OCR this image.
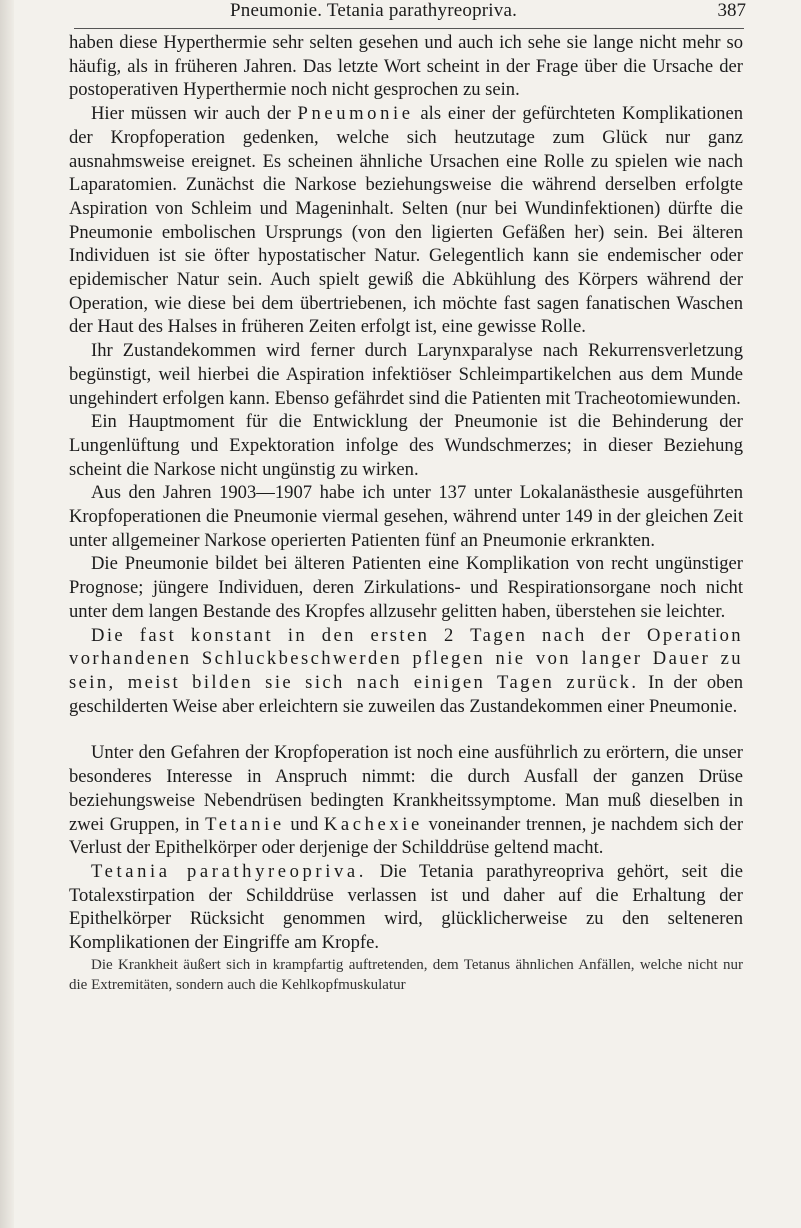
Pneumonie. Tetania parathyreopriva.	387

haben diese Hyperthermie sehr selten gesehen und auch ich sehe sie lange nicht mehr so häufig, als in früheren Jahren. Das letzte Wort scheint in der Frage über die Ursache der postoperativen Hyperthermie noch nicht gesprochen zu sein.

Hier müssen wir auch der Pneumonie als einer der gefürchteten Komplikationen der Kropfoperation gedenken, welche sich heutzutage zum Glück nur ganz ausnahmsweise ereignet. Es scheinen ähnliche Ursachen eine Rolle zu spielen wie nach Laparatomien. Zunächst die Narkose beziehungsweise die während derselben erfolgte Aspiration von Schleim und Mageninhalt. Selten (nur bei Wundinfektionen) dürfte die Pneumonie embolischen Ursprungs (von den ligierten Gefäßen her) sein. Bei älteren Individuen ist sie öfter hypostatischer Natur. Gelegentlich kann sie endemischer oder epidemischer Natur sein. Auch spielt gewiß die Abkühlung des Körpers während der Operation, wie diese bei dem übertriebenen, ich möchte fast sagen fanatischen Waschen der Haut des Halses in früheren Zeiten erfolgt ist, eine gewisse Rolle.

Ihr Zustandekommen wird ferner durch Larynxparalyse nach Rekurrensverletzung begünstigt, weil hierbei die Aspiration infektiöser Schleimpartikelchen aus dem Munde ungehindert erfolgen kann. Ebenso gefährdet sind die Patienten mit Tracheotomiewunden.

Ein Hauptmoment für die Entwicklung der Pneumonie ist die Behinderung der Lungenlüftung und Expektoration infolge des Wundschmerzes; in dieser Beziehung scheint die Narkose nicht ungünstig zu wirken.

Aus den Jahren 1903—1907 habe ich unter 137 unter Lokalanästhesie ausgeführten Kropfoperationen die Pneumonie viermal gesehen, während unter 149 in der gleichen Zeit unter allgemeiner Narkose operierten Patienten fünf an Pneumonie erkrankten.

Die Pneumonie bildet bei älteren Patienten eine Komplikation von recht ungünstiger Prognose; jüngere Individuen, deren Zirkulations- und Respirationsorgane noch nicht unter dem langen Bestande des Kropfes allzusehr gelitten haben, überstehen sie leichter.

Die fast konstant in den ersten 2 Tagen nach der Operation vorhandenen Schluckbeschwerden pflegen nie von langer Dauer zu sein, meist bilden sie sich nach einigen Tagen zurück. In der oben geschilderten Weise aber erleichtern sie zuweilen das Zustandekommen einer Pneumonie.

Unter den Gefahren der Kropfoperation ist noch eine ausführlich zu erörtern, die unser besonderes Interesse in Anspruch nimmt: die durch Ausfall der ganzen Drüse beziehungsweise Nebendrüsen bedingten Krankheitssymptome. Man muß dieselben in zwei Gruppen, in Tetanie und Kachexie voneinander trennen, je nachdem sich der Verlust der Epithelkörper oder derjenige der Schilddrüse geltend macht.

Tetania parathyreopriva. Die Tetania parathyreopriva gehört, seit die Totalexstirpation der Schilddrüse verlassen ist und daher auf die Erhaltung der Epithelkörper Rücksicht genommen wird, glücklicherweise zu den selteneren Komplikationen der Eingriffe am Kropfe.

Die Krankheit äußert sich in krampfartig auftretenden, dem Tetanus ähnlichen Anfällen, welche nicht nur die Extremitäten, sondern auch die Kehlkopfmuskulatur
